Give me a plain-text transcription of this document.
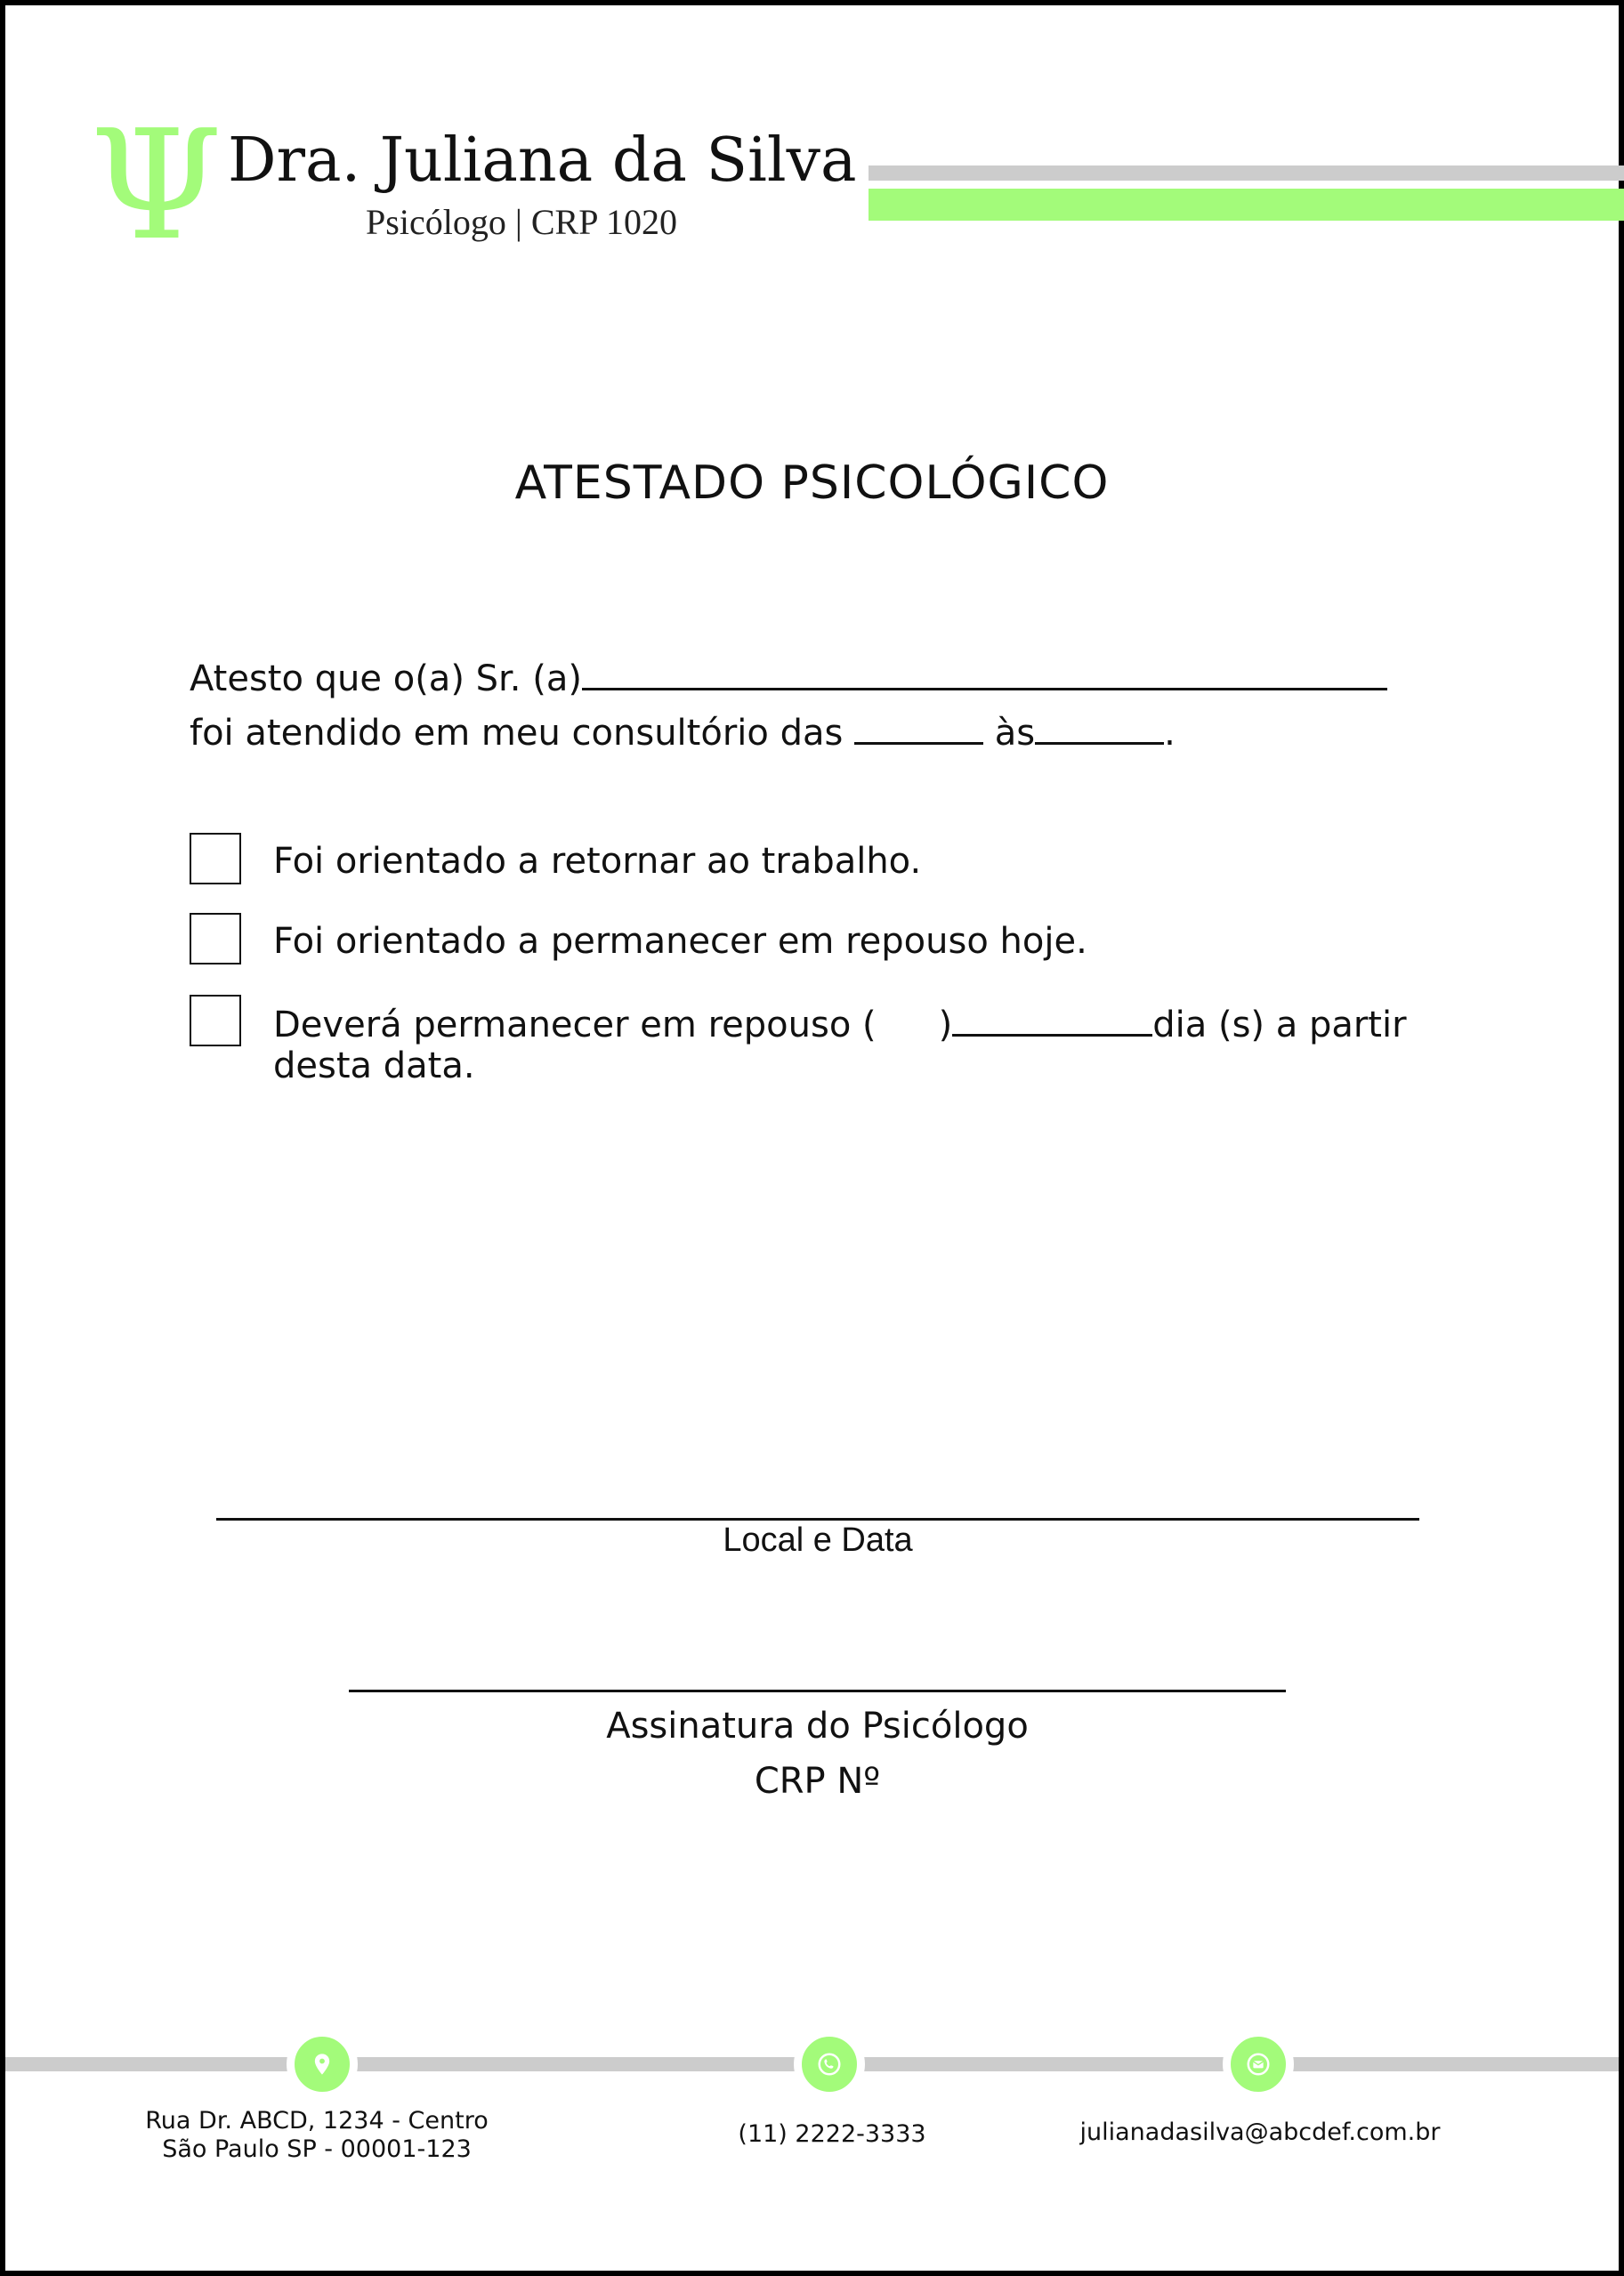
Ψ Dra. Juliana da Silva
Psicólogo | CRP 1020
ATESTADO PSICOLÓGICO
Atesto que o(a) Sr. (a)
foi atendido em meu consultório das	às	.
Foi orientado a retornar ao trabalho.
Foi orientado a permanecer em repouso hoje.
Deverá permanecer em repouso ( )	dia (s) a partir
desta data.
Local e Data
Assinatura do Psicólogo
CRP Nº
Rua Dr. ABCD, 1234 - Centro
São Paulo SP - 00001-123
(11) 2222-3333	julianadasilva@abcdef.com.br
